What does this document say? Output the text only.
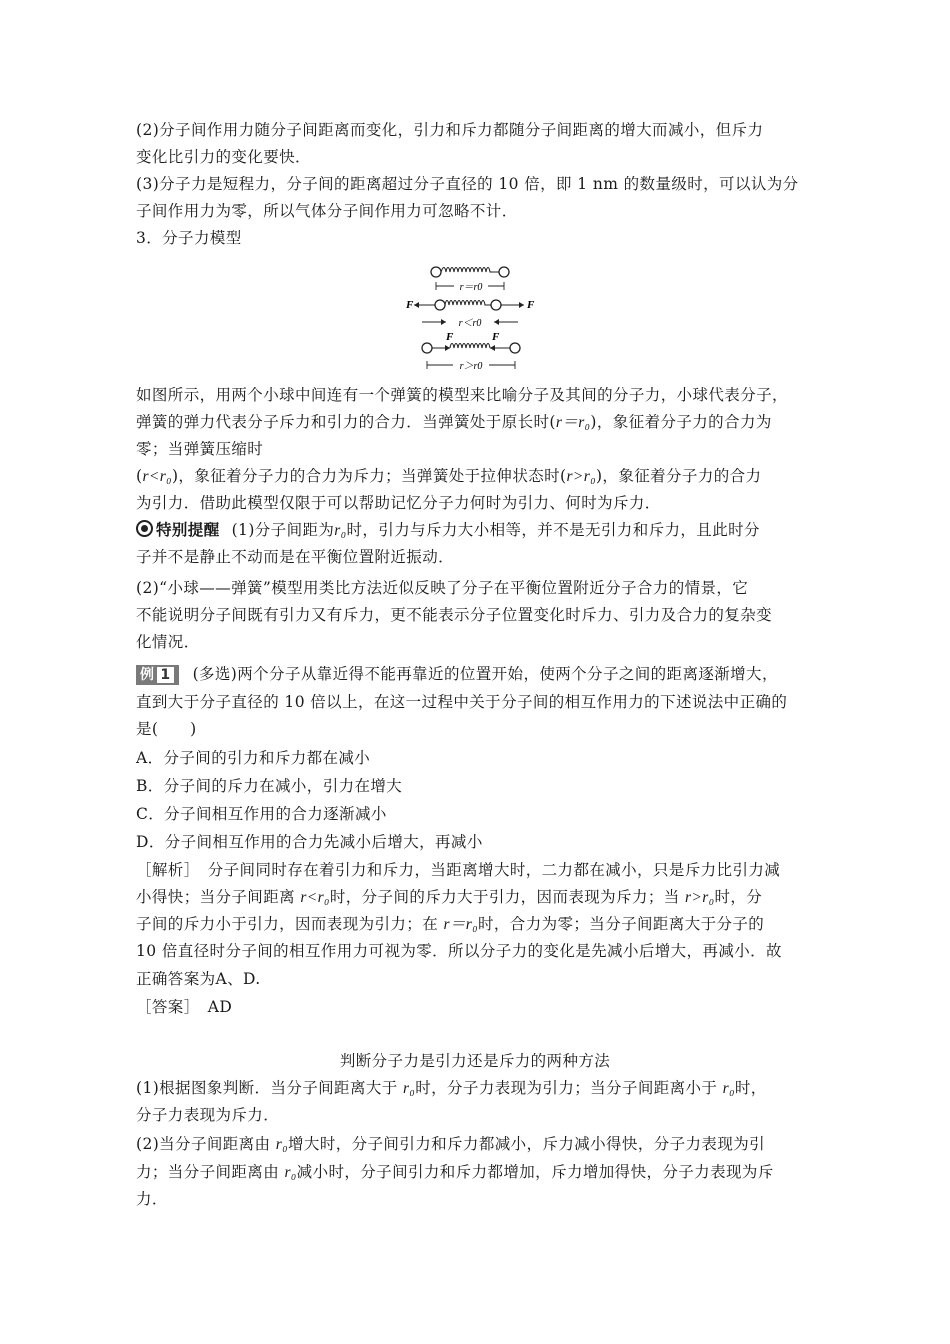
(2)分子间作用力随分子间距离而变化，引力和斥力都随分子间距离的增大而减小，但斥力
变化比引力的变化要快．
(3)分子力是短程力，分子间的距离超过分子直径的 10 倍，即 1 nm 的数量级时，可以认为分
子间作用力为零，所以气体分子间作用力可忽略不计．
3．分子力模型
r＝r0
F	F
r＜r0
F	F
r＞r0
如图所示，用两个小球中间连有一个弹簧的模型来比喻分子及其间的分子力，小球代表分子，
弹簧的弹力代表分子斥力和引力的合力．当弹簧处于原长时(r＝r₀)，象征着分子力的合力为
零；当弹簧压缩时
(r<r₀)，象征着分子力的合力为斥力；当弹簧处于拉伸状态时(r>r₀)，象征着分子力的合力
为引力．借助此模型仅限于可以帮助记忆分子力何时为引力、何时为斥力．
特别提醒 (1)分子间距为r₀时，引力与斥力大小相等，并不是无引力和斥力，且此时分
子并不是静止不动而是在平衡位置附近振动．
(2)“小球——弹簧”模型用类比方法近似反映了分子在平衡位置附近分子合力的情景，它
不能说明分子间既有引力又有斥力，更不能表示分子位置变化时斥力、引力及合力的复杂变
化情况．
例 1 (多选)两个分子从靠近得不能再靠近的位置开始，使两个分子之间的距离逐渐增大，
直到大于分子直径的 10 倍以上，在这一过程中关于分子间的相互作用力的下述说法中正确的
是(　　)
A．分子间的引力和斥力都在减小
B．分子间的斥力在减小，引力在增大
C．分子间相互作用的合力逐渐减小
D．分子间相互作用的合力先减小后增大，再减小
［解析］　分子间同时存在着引力和斥力，当距离增大时，二力都在减小，只是斥力比引力减
小得快；当分子间距离 r<r₀时，分子间的斥力大于引力，因而表现为斥力；当 r>r₀时，分
子间的斥力小于引力，因而表现为引力；在 r＝r₀时，合力为零；当分子间距离大于分子的
10 倍直径时分子间的相互作用力可视为零．所以分子力的变化是先减小后增大，再减小．故
正确答案为A、D.
［答案］　AD
判断分子力是引力还是斥力的两种方法
(1)根据图象判断．当分子间距离大于 r₀时，分子力表现为引力；当分子间距离小于 r₀时，
分子力表现为斥力．
(2)当分子间距离由 r₀增大时，分子间引力和斥力都减小，斥力减小得快，分子力表现为引
力；当分子间距离由 r₀减小时，分子间引力和斥力都增加，斥力增加得快，分子力表现为斥
力．
